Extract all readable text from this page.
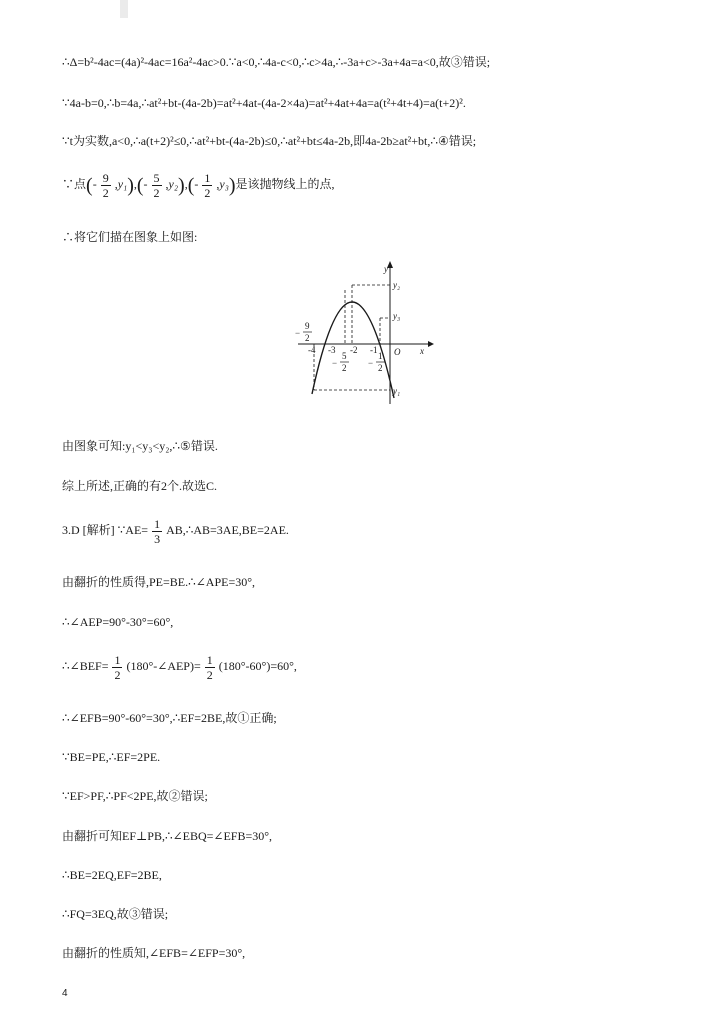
∴Δ=b²-4ac=(4a)²-4ac=16a²-4ac>0.∵a<0,∴4a-c<0,∴c>4a,∴-3a+c>-3a+4a=a<0,故③错误;
∵4a-b=0,∴b=4a,∴at²+bt-(4a-2b)=at²+4at-(4a-2×4a)=at²+4at+4a=a(t²+4t+4)=a(t+2)².
∵t为实数,a<0,∴a(t+2)²≤0,∴at²+bt-(4a-2b)≤0,∴at²+bt≤4a-2b,即4a-2b≥at²+bt,∴④错误;
∵点(- $\frac{9}{2} ,y_1),(- \frac{5}{2} ,y_2),(- \frac{1}{2} ,y_3)$是该抛物线上的点,
∴将它们描在图象上如图:
y
x
O
y₂
y₃
y₁
-4 -3 -2 -1
−
9
2
−
5
2 −
1
2
由图象可知:y₁<y₃<y₂,∴⑤错误.
综上所述,正确的有2个.故选C.
3.D [解析] ∵AE= $\frac{1}{3}$ AB,∴AB=3AE,BE=2AE.
由翻折的性质得,PE=BE.∴∠APE=30°,
∴∠AEP=90°-30°=60°,
∴∠BEF= $\frac{1}{2}$ (180°-∠AEP)= $\frac{1}{2} (180^\circ-60^\circ)=60^\circ$,
∴∠EFB=90°-60°=30°,∴EF=2BE,故①正确;
∵BE=PE,∴EF=2PE.
∵EF>PF,∴PF<2PE,故②错误;
由翻折可知EF⊥PB,∴∠EBQ=∠EFB=30°,
∴BE=2EQ,EF=2BE,
∴FQ=3EQ,故③错误;
由翻折的性质知,∠EFB=∠EFP=30°,
4
